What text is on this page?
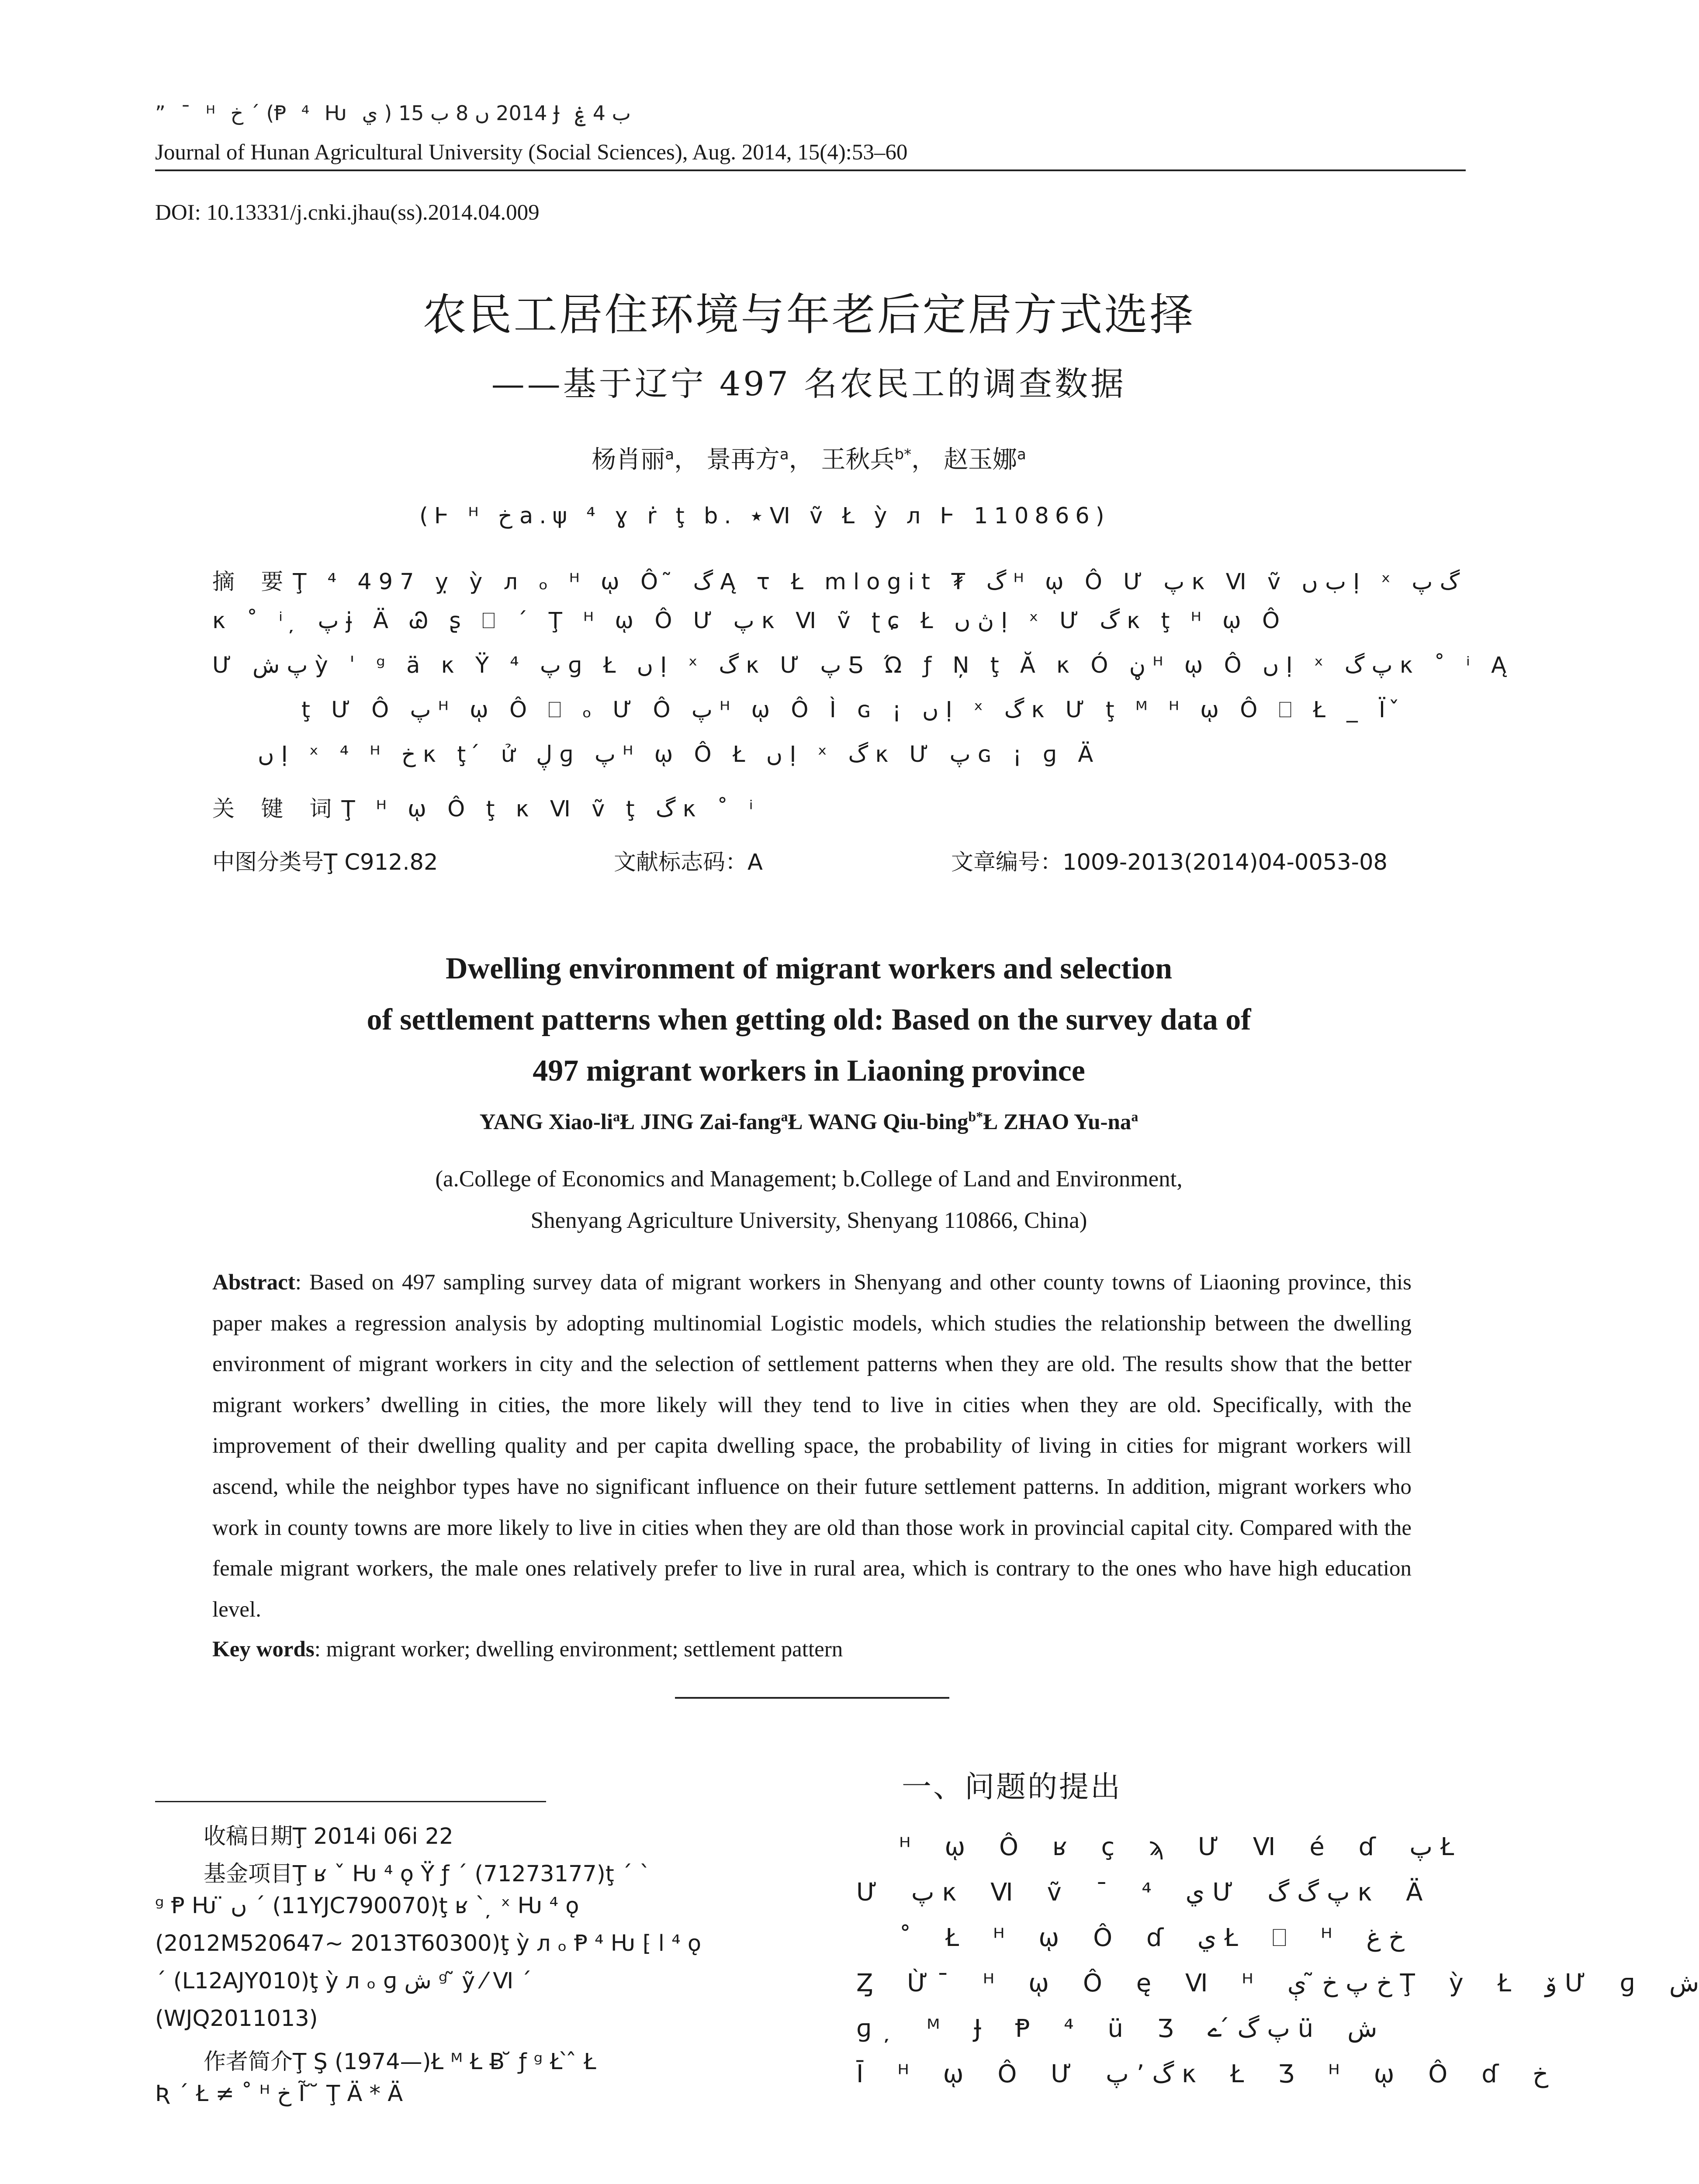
” ¯ ᴴ خ ˊ (Ᵽ ⁴ Ƕ ي ) 2014 ں 8 ب 15 Ɉ ب 4 ۼ
Journal of Hunan Agricultural University (Social Sciences), Aug. 2014, 15(4):53–60
DOI: 10.13331/j.cnki.jhau(ss).2014.04.009
农民工居住环境与年老后定居方式选择
——基于辽宁 497 名农民工的调查数据
杨肖丽$^a$， 景再方$^a$， 王秋兵$^{b*}$， 赵玉娜$^a$
(Ͱ ᴴ خ a.ψ ⁴ ɣ ṙ ţ b. ٭ Ⅵ ṽ Ł ỳ л Ͱ 110866)
摘 要Ţ ⁴ 497 ỵ ỳ л ₒ ᴴ ῳ Ô ̃ گ Ą τ Ł mlogit ₮ گ ᴴ ῳ Ô Ư پ κ Ⅵ ṽ ب ں Ị ˣ گ پ
κ ˚ ⁱ ̦ پ ɉ Ä Ꮚ ʂ ⎕ ´ Ţ ᴴ ῳ Ô Ư پ κ Ⅵ ṽ ʈɕ Ł ڽ ں Ị ˣ Ư گ κ ţ ᴴ ῳ Ô
Ư پ ش ỳ ˈ ᵍ ä κ Ÿ ⁴ پ ɡ Ł ں Ị ˣ گ κ Ư پ Ƽ Ώ ƒ Ņ ţ Ă κ Ó ڼ ᴴ ῳ Ô ں Ị ˣ پ گ κ ˚ ⁱ Ą
ţ Ư Ô پ ᴴ ῳ Ô ⎕ ₒ Ư Ô پ ᴴ ῳ Ô Ì ɢ ¡ ں Ị ˣ گ κ Ư ţ ᴹ ᴴ ῳ Ô ⎕ Ł _ Ï ̌
ں Ị ˣ ⁴ ᴴ خ κ ţ ́ ử ڸ ɡ پ ᴴ ῳ Ô Ł ں Ị ˣ گ κ Ư پ ɢ ¡ ɡ Ä
关 键 词Ţ ᴴ ῳ Ô ţ κ Ⅵ ṽ ţ گ κ ˚ ⁱ
中图分类号Ţ C912.82	文献标志码：A	文章编号：1009-2013(2014)04-0053-08
Dwelling environment of migrant workers and selection
of settlement patterns when getting old: Based on the survey data of
497 migrant workers in Liaoning province
YANG Xiao-$li^aŁ$ JING Zai-fang$^a$Ł WANG Qiu-bing$^{b*}$Ł ZHAO $Yu-na^a$
(a.College of Economics and Management; b.College of Land and Environment,
Shenyang Agriculture University, Shenyang 110866, China)
Abstract: Based on 497 sampling survey data of migrant workers in Shenyang and other county towns of Liaoning province, this paper makes a regression analysis by adopting multinomial Logistic models, which studies the relationship between the dwelling environment of migrant workers in city and the selection of settlement patterns when they are old. The results show that the better migrant workers’ dwelling in cities, the more likely will they tend to live in cities when they are old. Specifically, with the improvement of their dwelling quality and per capita dwelling space, the probability of living in cities for migrant workers will ascend, while the neighbor types have no significant influence on their future settlement patterns. In addition, migrant workers who work in county towns are more likely to live in cities when they are old than those work in provincial capital city. Compared with the female migrant workers, the male ones relatively prefer to live in rural area, which is contrary to the ones who have high education level.
Key words: migrant worker; dwelling environment; settlement pattern
收稿日期Ţ 2014ⅰ 06ⅰ 22
基金项目Ţ ʁ ˇ Ƕ ⁴ ǫ Ÿ ƒ ˊ (71273177)ţ ˊ ˋ
ᵍ Ᵽ Ƕ ̈ ں ˊ (11YJC790070)ţ ʁ ˋ ̦ ˣ Ƕ ⁴ ǫ
(2012M520647~ 2013T60300)ţ ỳ л ₒ Ᵽ ⁴ Ƕ ⁅ ⅼ ⁴ ǫ
ˊ (L12AJY010)ţ ỳ л ₒ ɡ ش ᵍ ̃ ỹ ⁄ Ⅵ ˊ
(WJQ2011013)
作者简介Ţ Ş (1974—)Ł ᴹ Ł Ƀ ̆ ƒ ᵍ Ł ̀ ̂ Ł
Ʀ ´ Ł ≠ ˚ ᴴ خ Ĩ ̆ ̆ Ţ Ä * Ä
一、问题的提出
ᴴ ῳ Ô ʁ ç ϡ Ư Ⅵ é ɗ پ Ł
Ư پ κ Ⅵ ṽ ¯ ⁴ ي Ư پ گ گ κ Ä
˚ Ł ᴴ ῳ Ô ɗ ي Ł ⎕ ᴴ خ غ
Ȥ Ừ ̄ ᴴ ῳ Ô ę Ⅵ ᴴ خ پ خ ̃ ې Ţ ỳ Ł ۆ Ư ɡ ش
ɡ ̦ ᴹ Ɉ Ᵽ ⁴ ü Ʒ پ گ ́ ے ü ش
Ī ᴴ ῳ Ô Ư پ ʼ گ κ Ł Ʒ ᴴ ῳ Ô ɗ خ
